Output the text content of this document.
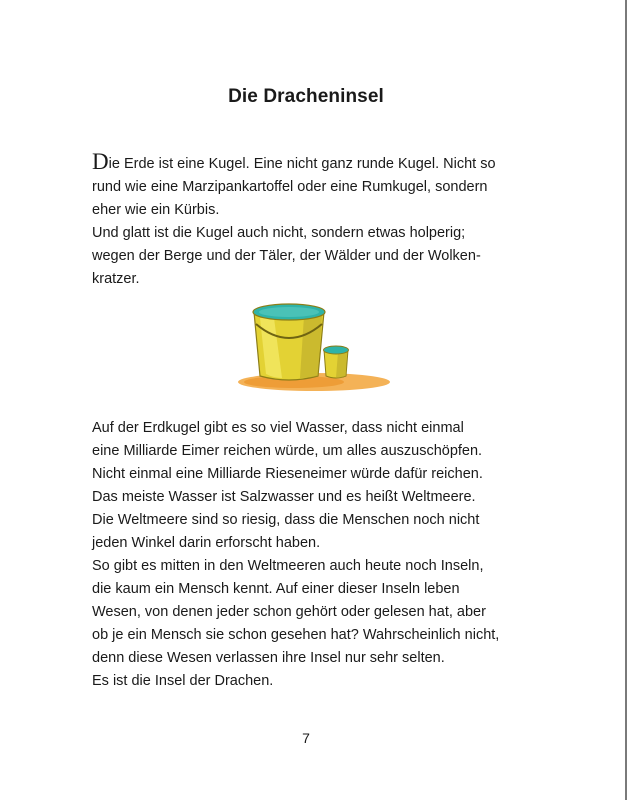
Die Dracheninsel
Die Erde ist eine Kugel. Eine nicht ganz runde Kugel. Nicht so
rund wie eine Marzipankartoffel oder eine Rumkugel, sondern
eher wie ein Kürbis.
Und glatt ist die Kugel auch nicht, sondern etwas holperig;
wegen der Berge und der Täler, der Wälder und der Wolken-
kratzer.
Auf der Erdkugel gibt es so viel Wasser, dass nicht einmal
eine Milliarde Eimer reichen würde, um alles auszuschöpfen.
Nicht einmal eine Milliarde Rieseneimer würde dafür reichen.
Das meiste Wasser ist Salzwasser und es heißt Weltmeere.
Die Weltmeere sind so riesig, dass die Menschen noch nicht
jeden Winkel darin erforscht haben.
So gibt es mitten in den Weltmeeren auch heute noch Inseln,
die kaum ein Mensch kennt. Auf einer dieser Inseln leben
Wesen, von denen jeder schon gehört oder gelesen hat, aber
ob je ein Mensch sie schon gesehen hat? Wahrscheinlich nicht,
denn diese Wesen verlassen ihre Insel nur sehr selten.
Es ist die Insel der Drachen.
7
